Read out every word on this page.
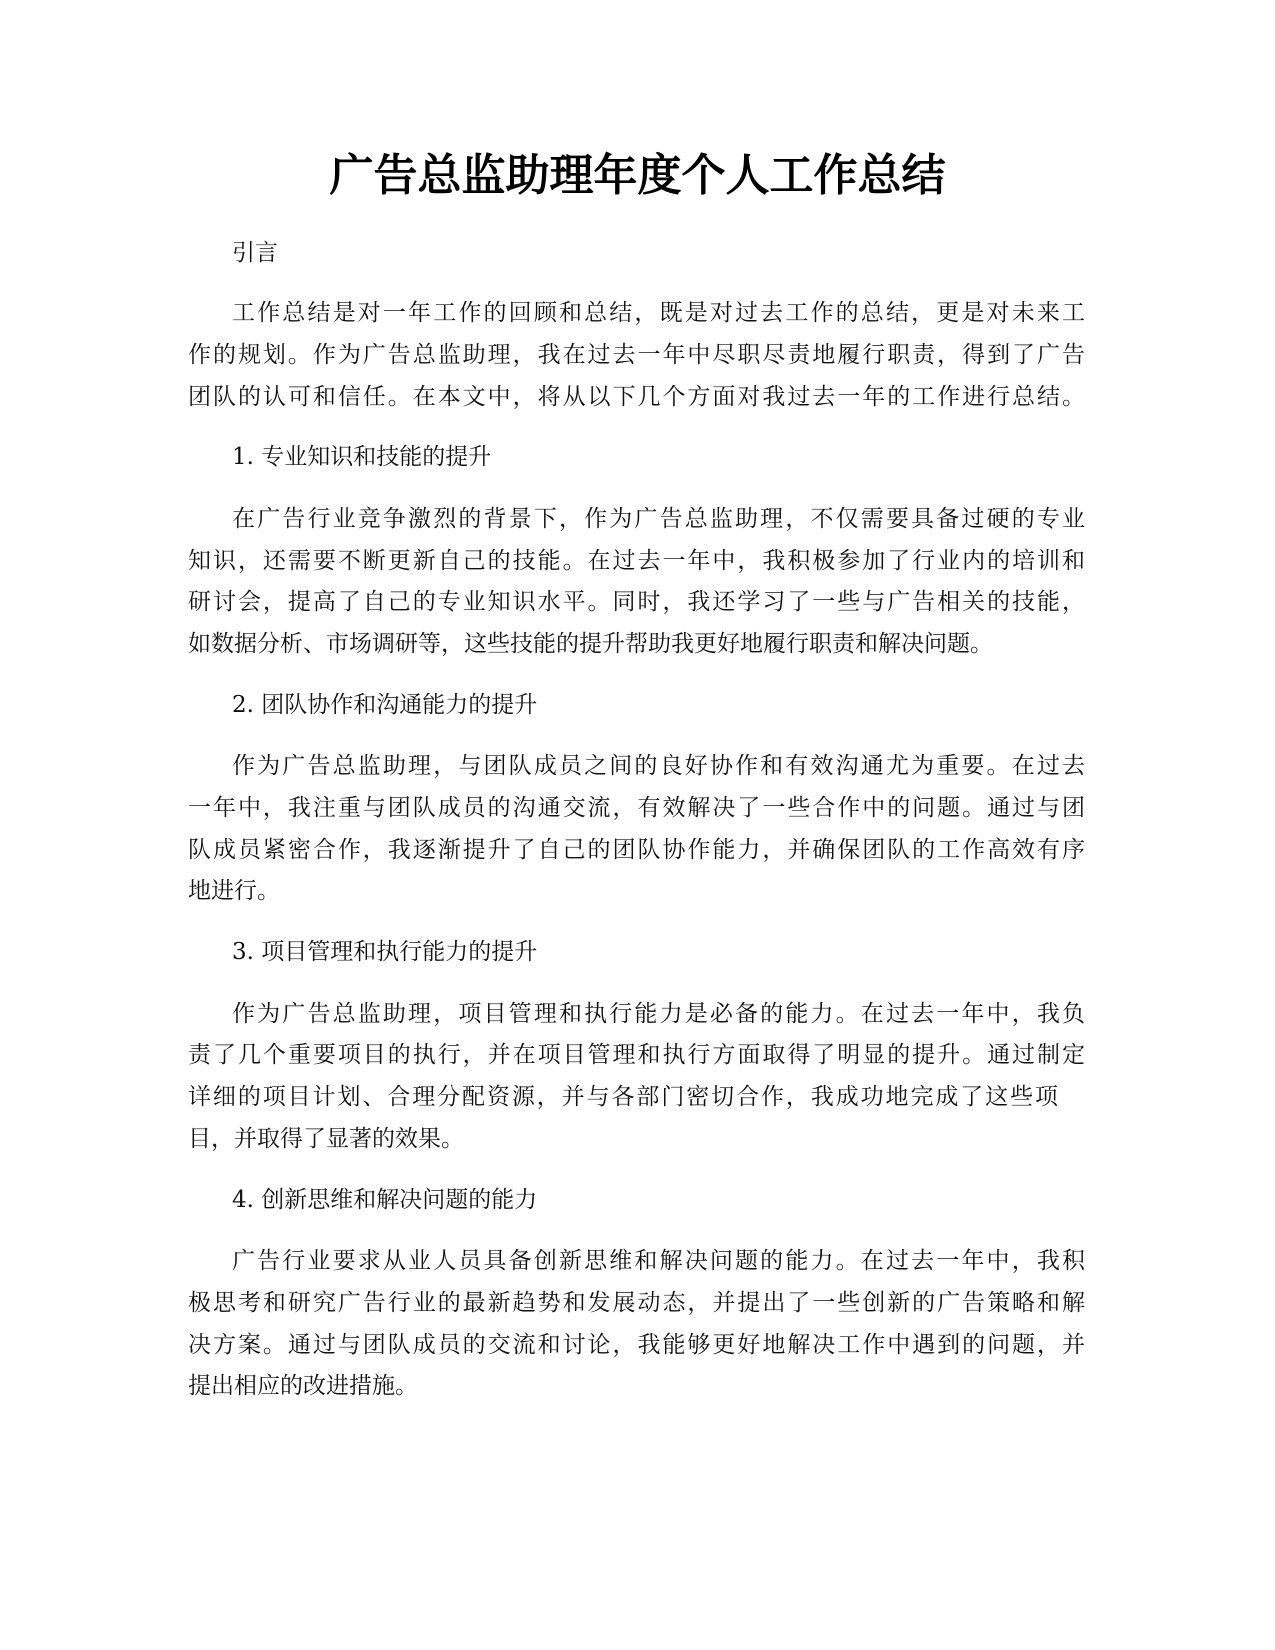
广告总监助理年度个人工作总结

引言

工作总结是对一年工作的回顾和总结，既是对过去工作的总结，更是对未来工

作的规划。作为广告总监助理，我在过去一年中尽职尽责地履行职责，得到了广告

团队的认可和信任。在本文中，将从以下几个方面对我过去一年的工作进行总结。

1. 专业知识和技能的提升

在广告行业竞争激烈的背景下，作为广告总监助理，不仅需要具备过硬的专业

知识，还需要不断更新自己的技能。在过去一年中，我积极参加了行业内的培训和

研讨会，提高了自己的专业知识水平。同时，我还学习了一些与广告相关的技能，

如数据分析、市场调研等，这些技能的提升帮助我更好地履行职责和解决问题。

2. 团队协作和沟通能力的提升

作为广告总监助理，与团队成员之间的良好协作和有效沟通尤为重要。在过去

一年中，我注重与团队成员的沟通交流，有效解决了一些合作中的问题。通过与团

队成员紧密合作，我逐渐提升了自己的团队协作能力，并确保团队的工作高效有序

地进行。

3. 项目管理和执行能力的提升

作为广告总监助理，项目管理和执行能力是必备的能力。在过去一年中，我负

责了几个重要项目的执行，并在项目管理和执行方面取得了明显的提升。通过制定

详细的项目计划、合理分配资源，并与各部门密切合作，我成功地完成了这些项

目，并取得了显著的效果。

4. 创新思维和解决问题的能力

广告行业要求从业人员具备创新思维和解决问题的能力。在过去一年中，我积

极思考和研究广告行业的最新趋势和发展动态，并提出了一些创新的广告策略和解

决方案。通过与团队成员的交流和讨论，我能够更好地解决工作中遇到的问题，并

提出相应的改进措施。
